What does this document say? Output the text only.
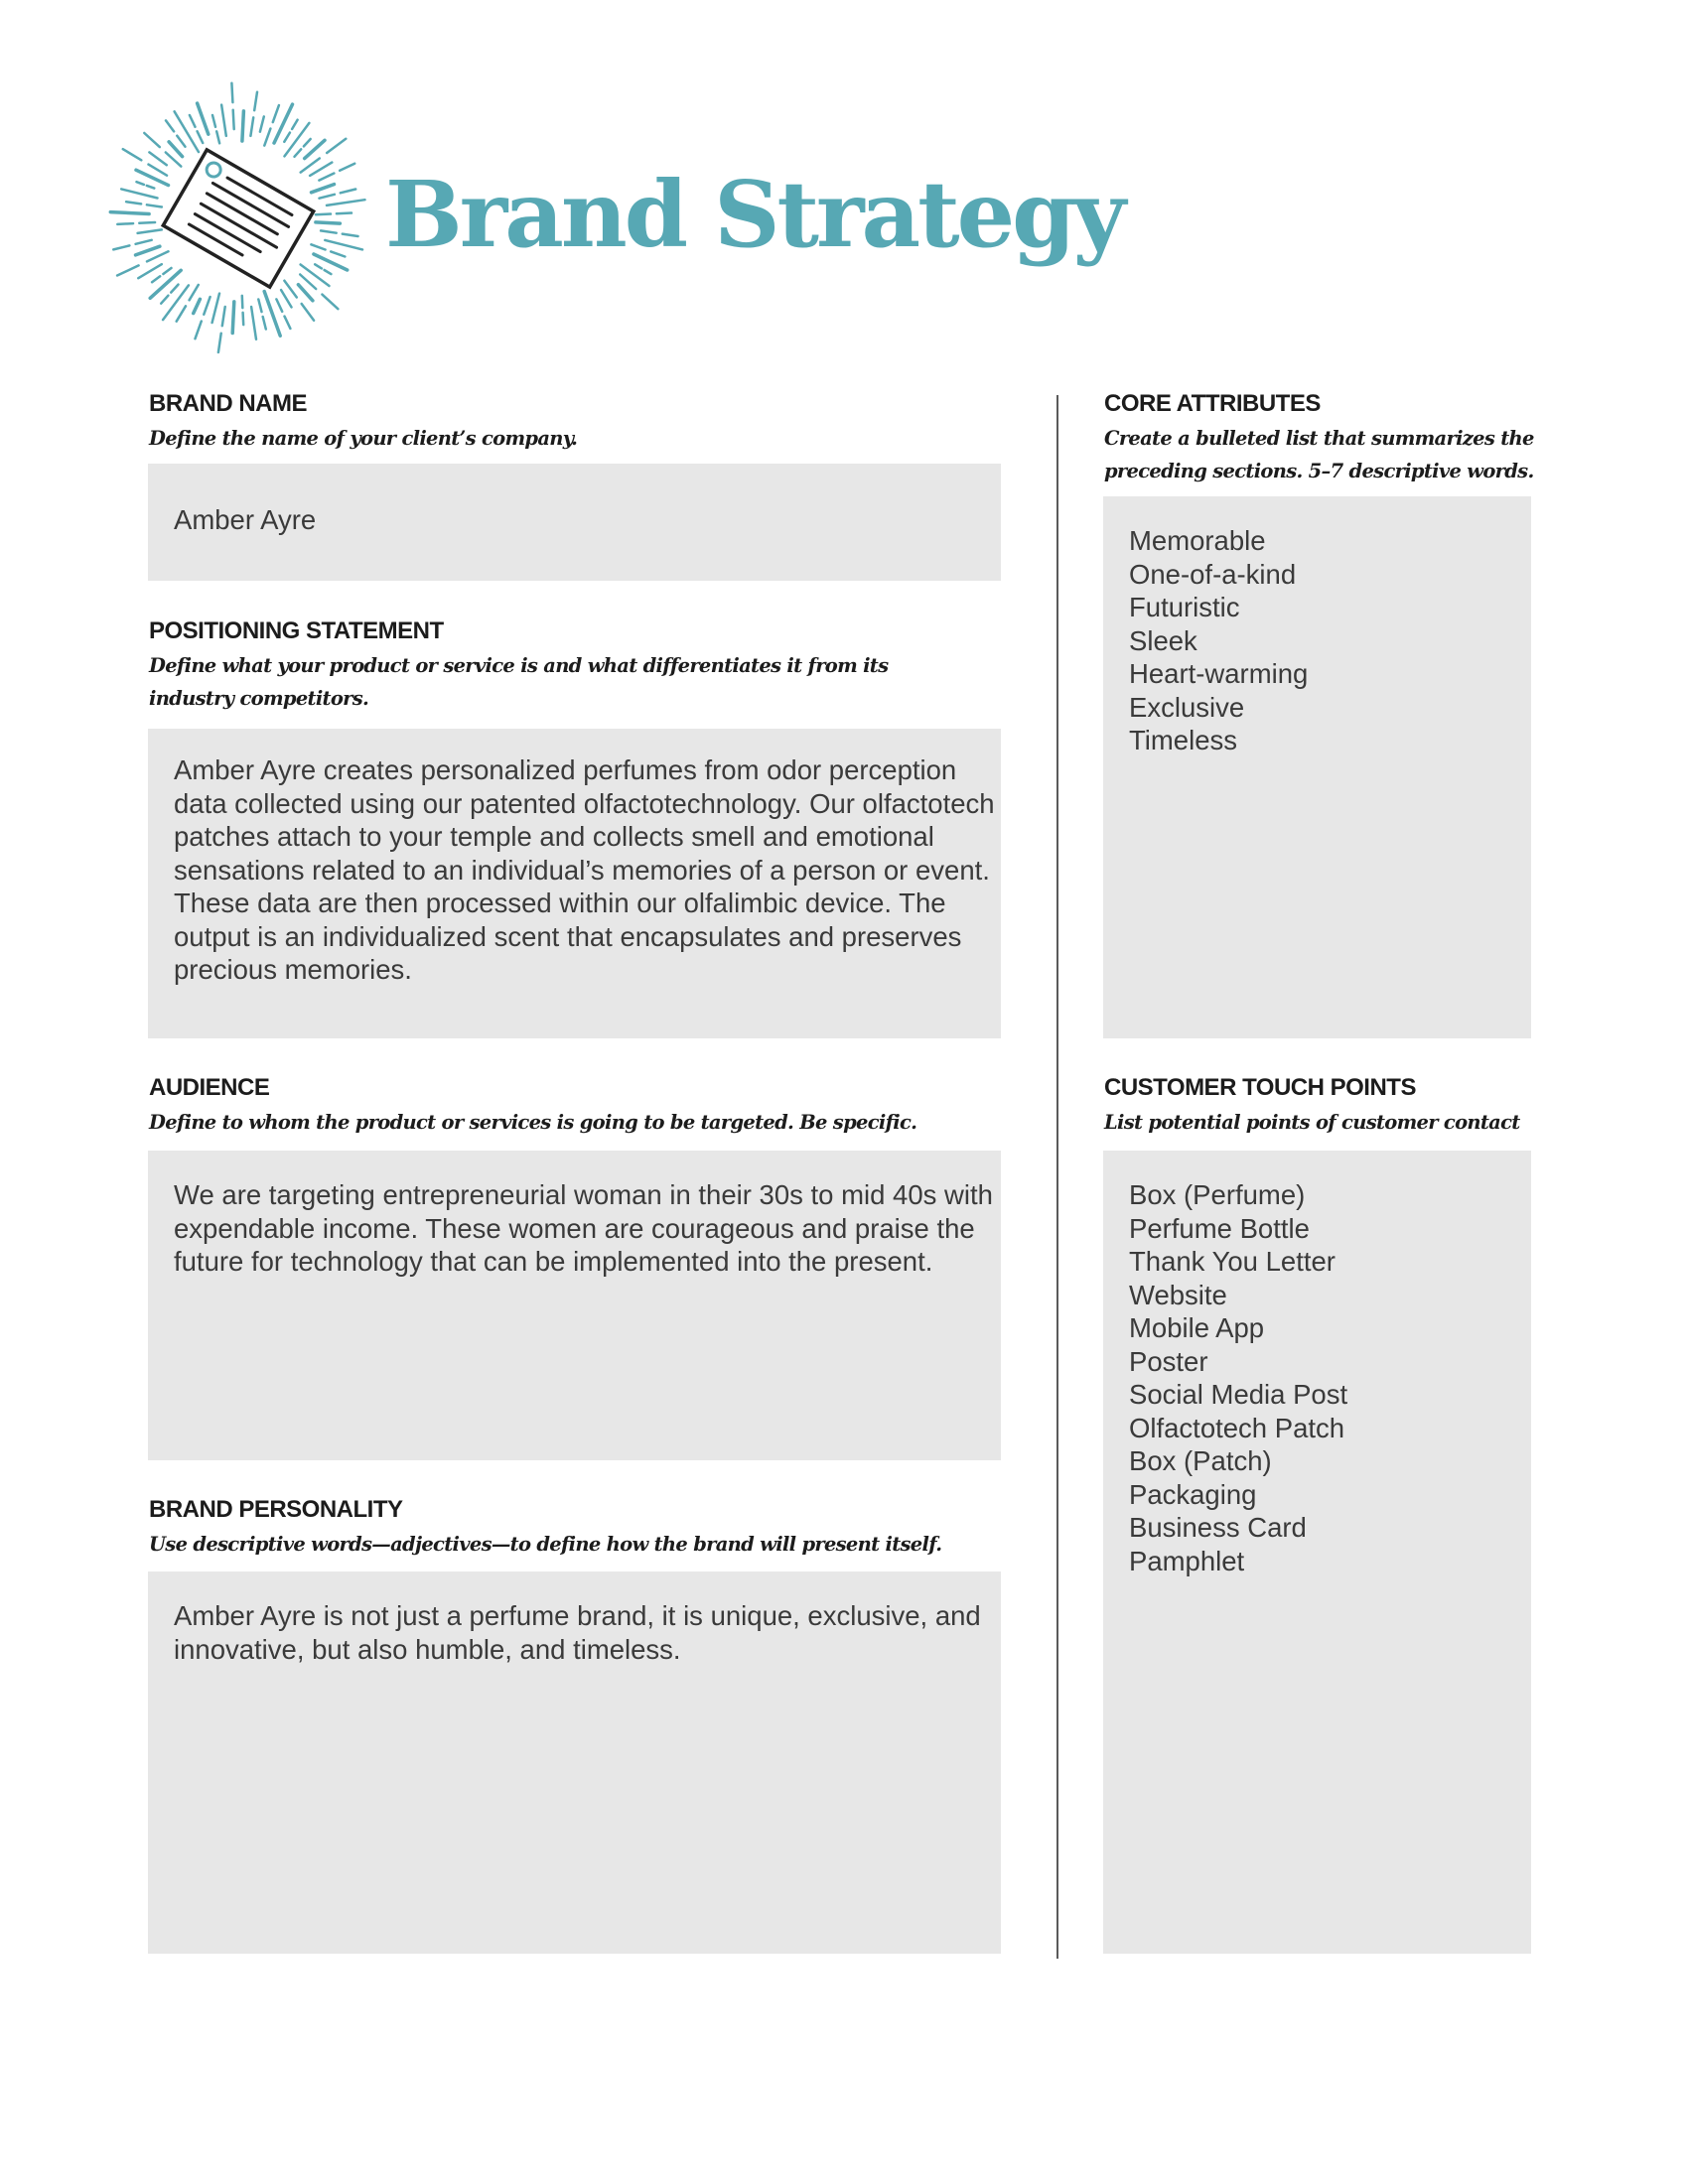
Brand Strategy
BRAND NAME

Define the name of your client’s company.

Amber Ayre

POSITIONING STATEMENT

Define what your product or service is and what differentiates it from its industry competitors.

Amber Ayre creates personalized perfumes from odor perception data collected using our patented olfactotechnology. Our olfactotech patches attach to your temple and collects smell and emotional sensations related to an individual’s memories of a person or event. These data are then processed within our olfalimbic device. The output is an individualized scent that encapsulates and preserves precious memories.

AUDIENCE

Define to whom the product or services is going to be targeted. Be specific.

We are targeting entrepreneurial woman in their 30s to mid 40s with expendable income. These women are courageous and praise the future for technology that can be implemented into the present.

BRAND PERSONALITY

Use descriptive words—adjectives—to define how the brand will present itself.

Amber Ayre is not just a perfume brand, it is unique, exclusive, and innovative, but also humble, and timeless.

CORE ATTRIBUTES

Create a bulleted list that summarizes the preceding sections. 5–7 descriptive words.

Memorable
One-of-a-kind
Futuristic
Sleek
Heart-warming
Exclusive
Timeless
CUSTOMER TOUCH POINTS

List potential points of customer contact

Box (Perfume)
Perfume Bottle
Thank You Letter
Website
Mobile App
Poster
Social Media Post
Olfactotech Patch
Box (Patch)
Packaging
Business Card
Pamphlet
